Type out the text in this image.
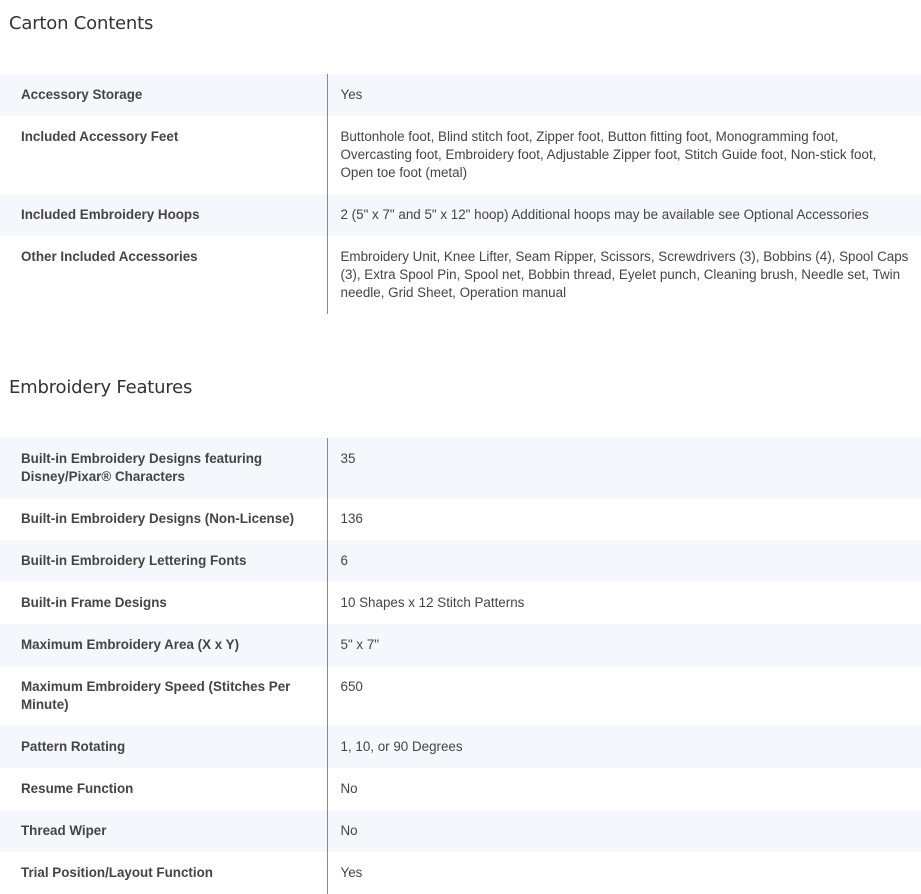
Carton Contents
Accessory Storage	Yes
Included Accessory Feet	Buttonhole foot, Blind stitch foot, Zipper foot, Button fitting foot, Monogramming foot, Overcasting foot, Embroidery foot, Adjustable Zipper foot, Stitch Guide foot, Non-stick foot, Open toe foot (metal)
Included Embroidery Hoops	2 (5" x 7" and 5" x 12" hoop) Additional hoops may be available see Optional Accessories
Other Included Accessories	Embroidery Unit, Knee Lifter, Seam Ripper, Scissors, Screwdrivers (3), Bobbins (4), Spool Caps (3), Extra Spool Pin, Spool net, Bobbin thread, Eyelet punch, Cleaning brush, Needle set, Twin needle, Grid Sheet, Operation manual
Embroidery Features
Built-in Embroidery Designs featuring Disney/Pixar® Characters	35
Built-in Embroidery Designs (Non-License)	136
Built-in Embroidery Lettering Fonts	6
Built-in Frame Designs	10 Shapes x 12 Stitch Patterns
Maximum Embroidery Area (X x Y)	5" x 7"
Maximum Embroidery Speed (Stitches Per Minute)	650
Pattern Rotating	1, 10, or 90 Degrees
Resume Function	No
Thread Wiper	No
Trial Position/Layout Function	Yes
